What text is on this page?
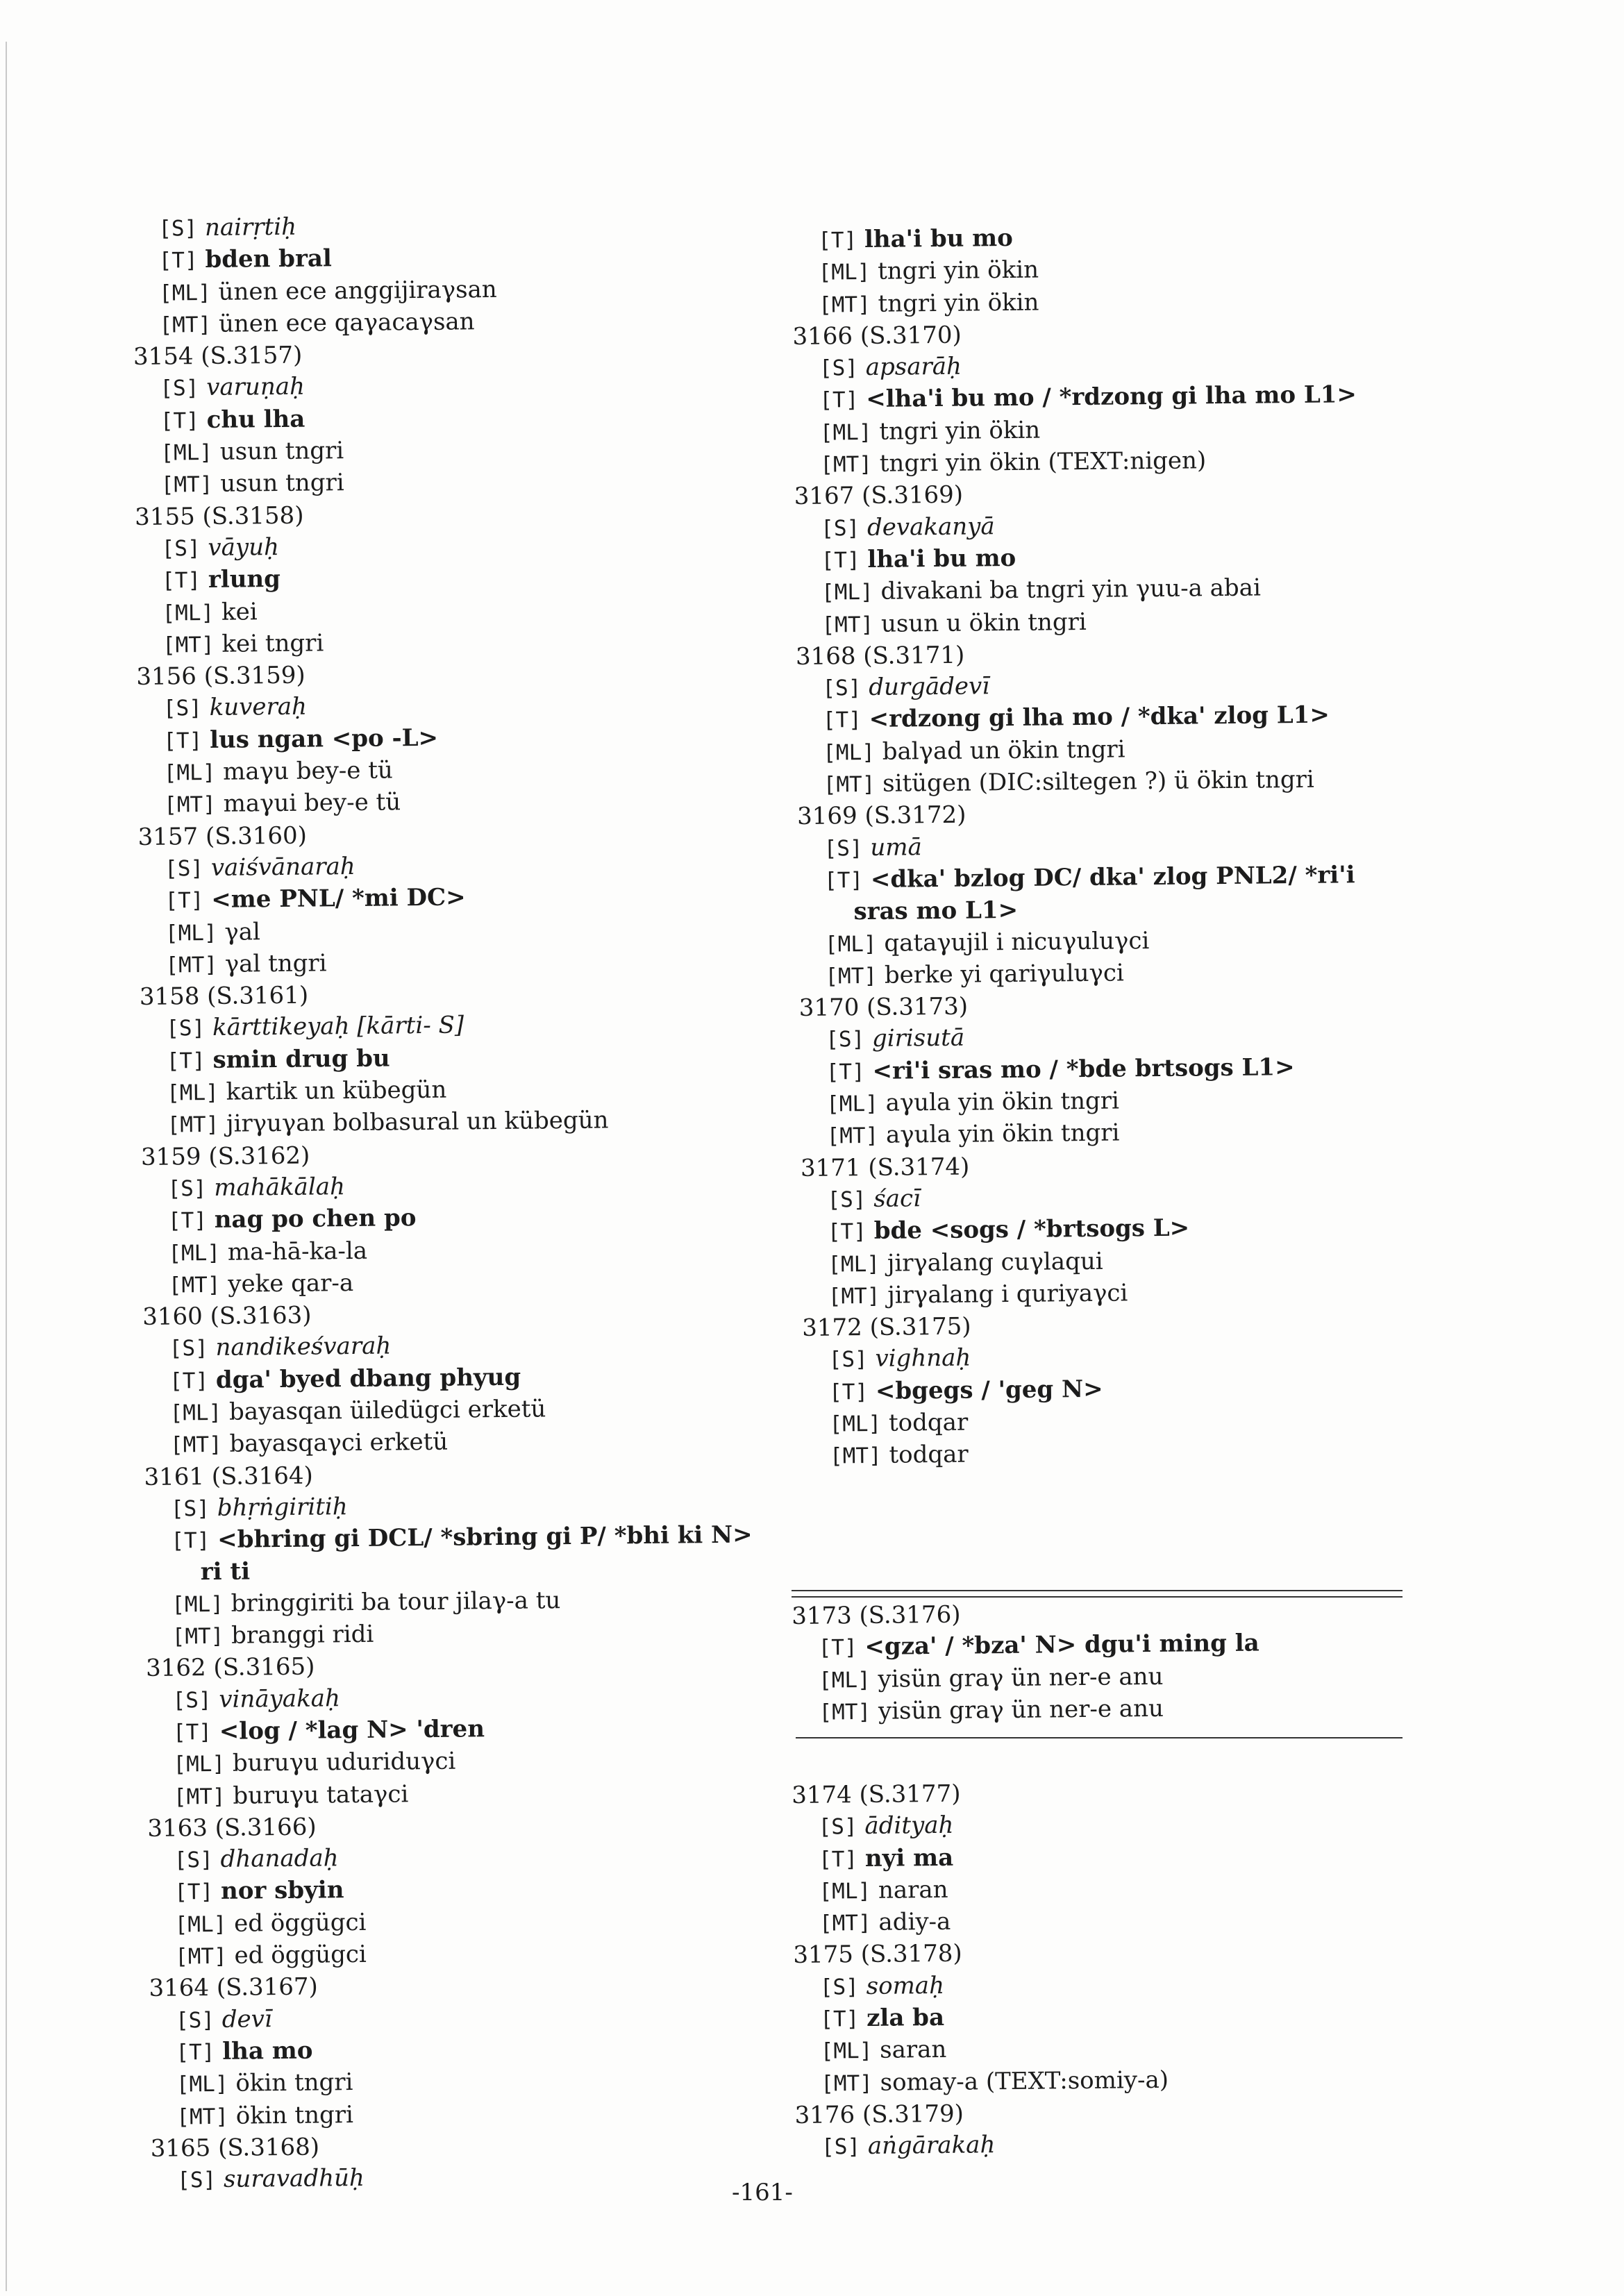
[S] nairṛtiḥ
[T] bden bral
[ML] ünen ece anggijiraγsan
[MT] ünen ece qaγacaγsan
3154 (S.3157)
[S] varuṇaḥ
[T] chu lha
[ML] usun tngri
[MT] usun tngri
3155 (S.3158)
[S] vāyuḥ
[T] rlung
[ML] kei
[MT] kei tngri
3156 (S.3159)
[S] kuveraḥ
[T] lus ngan <po -L>
[ML] maγu bey-e tü
[MT] maγui bey-e tü
3157 (S.3160)
[S] vaiśvānaraḥ
[T] <me PNL/ *mi DC>
[ML] γal
[MT] γal tngri
3158 (S.3161)
[S] kārttikeyaḥ [kārti- S]
[T] smin drug bu
[ML] kartik un kübegün
[MT] jirγuγan bolbasural un kübegün
3159 (S.3162)
[S] mahākālaḥ
[T] nag po chen po
[ML] ma-hā-ka-la
[MT] yeke qar-a
3160 (S.3163)
[S] nandikeśvaraḥ
[T] dga' byed dbang phyug
[ML] bayasqan üiledügci erketü
[MT] bayasqaγci erketü
3161 (S.3164)
[S] bhṛṅgiritiḥ
[T] <bhring gi DCL/ *sbring gi P/ *bhi ki N>
ri ti
[ML] bringgiriti ba tour jilaγ-a tu
[MT] branggi ridi
3162 (S.3165)
[S] vināyakaḥ
[T] <log / *lag N> 'dren
[ML] buruγu uduriduγci
[MT] buruγu tataγci
3163 (S.3166)
[S] dhanadaḥ
[T] nor sbyin
[ML] ed öggügci
[MT] ed öggügci
3164 (S.3167)
[S] devī
[T] lha mo
[ML] ökin tngri
[MT] ökin tngri
3165 (S.3168)
[S] suravadhūḥ
[T] lha'i bu mo
[ML] tngri yin ökin
[MT] tngri yin ökin
3166 (S.3170)
[S] apsarāḥ
[T] <lha'i bu mo / *rdzong gi lha mo L1>
[ML] tngri yin ökin
[MT] tngri yin ökin (TEXT:nigen)
3167 (S.3169)
[S] devakanyā
[T] lha'i bu mo
[ML] divakani ba tngri yin γuu-a abai
[MT] usun u ökin tngri
3168 (S.3171)
[S] durgādevī
[T] <rdzong gi lha mo / *dka' zlog L1>
[ML] balγad un ökin tngri
[MT] sitügen (DIC:siltegen ?) ü ökin tngri
3169 (S.3172)
[S] umā
[T] <dka' bzlog DC/ dka' zlog PNL2/ *ri'i
sras mo L1>
[ML] qataγujil i nicuγuluγci
[MT] berke yi qariγuluγci
3170 (S.3173)
[S] girisutā
[T] <ri'i sras mo / *bde brtsogs L1>
[ML] aγula yin ökin tngri
[MT] aγula yin ökin tngri
3171 (S.3174)
[S] śacī
[T] bde <sogs / *brtsogs L>
[ML] jirγalang cuγlaqui
[MT] jirγalang i quriyaγci
3172 (S.3175)
[S] vighnaḥ
[T] <bgegs / 'geg N>
[ML] todqar
[MT] todqar
3173 (S.3176)
[T] <gza' / *bza' N> dgu'i ming la
[ML] yisün graγ ün ner-e anu
[MT] yisün graγ ün ner-e anu
3174 (S.3177)
[S] ādityaḥ
[T] nyi ma
[ML] naran
[MT] adiy-a
3175 (S.3178)
[S] somaḥ
[T] zla ba
[ML] saran
[MT] somay-a (TEXT:somiy-a)
3176 (S.3179)
[S] aṅgārakaḥ
-161-
